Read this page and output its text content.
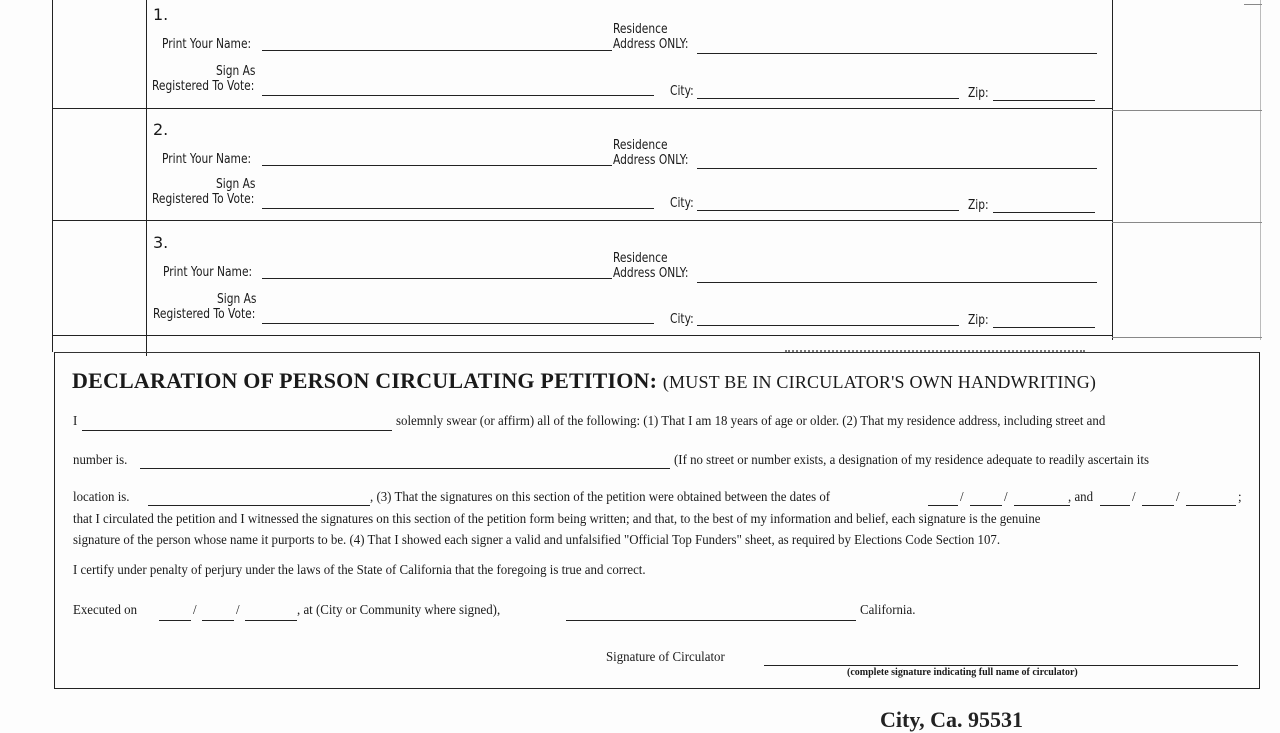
1.
Print Your Name:
Residence
Address ONLY:
Sign As
Registered To Vote:	City:	Zip:
2.
Print Your Name:
Residence
Address ONLY:
Sign As
Registered To Vote:	City:	Zip:
3.
Print Your Name:
Residence
Address ONLY:
Sign As
Registered To Vote:	City:	Zip:
DECLARATION OF PERSON CIRCULATING PETITION: (MUST BE IN CIRCULATOR'S OWN HANDWRITING)
I	solemnly swear (or affirm) all of the following: (1) That I am 18 years of age or older. (2) That my residence address, including street and
number is.	(If no street or number exists, a designation of my residence adequate to readily ascertain its
location is.	, (3) That the signatures on this section of the petition were obtained between the dates of	/	/	, and	/	/	;
that I circulated the petition and I witnessed the signatures on this section of the petition form being written; and that, to the best of my information and belief, each signature is the genuine
signature of the person whose name it purports to be. (4) That I showed each signer a valid and unfalsified "Official Top Funders" sheet, as required by Elections Code Section 107.
I certify under penalty of perjury under the laws of the State of California that the foregoing is true and correct.
Executed on	/	/	, at (City or Community where signed),	California.
Signature of Circulator
(complete signature indicating full name of circulator)
City, Ca. 95531
